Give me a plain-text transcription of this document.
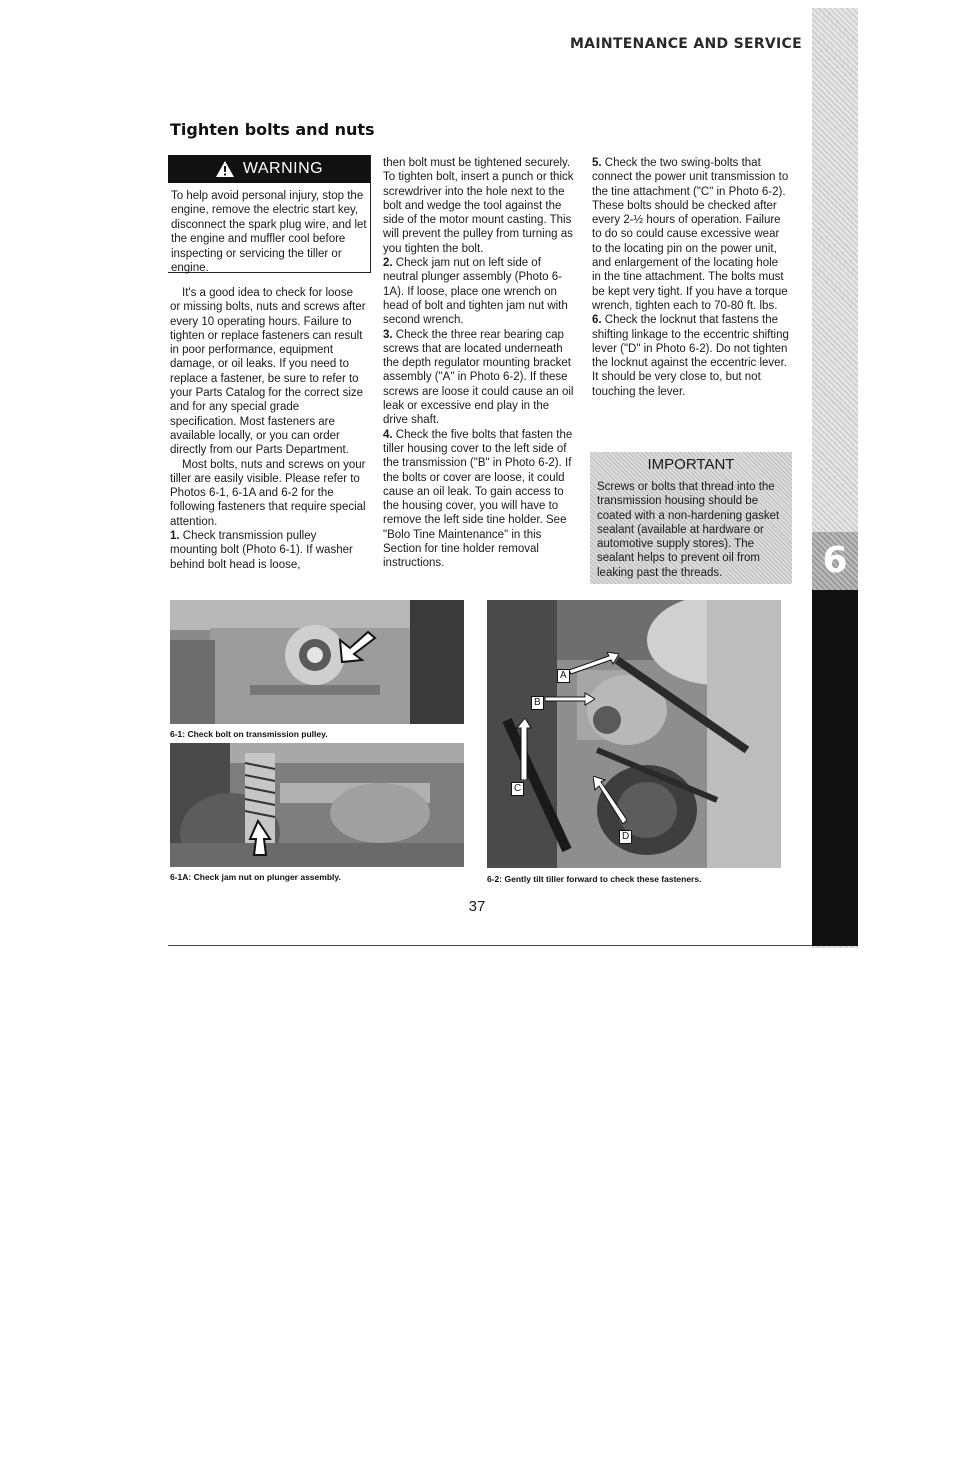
6
MAINTENANCE AND SERVICE
Tighten bolts and nuts
WARNING
To help avoid personal injury, stop the engine, remove the electric start key, disconnect the spark plug wire, and let the engine and muffler cool before inspecting or servicing the tiller or engine.

It's a good idea to check for loose or missing bolts, nuts and screws after every 10 operating hours. Failure to tighten or replace fasteners can result in poor performance, equipment damage, or oil leaks. If you need to replace a fastener, be sure to refer to your Parts Catalog for the correct size and for any special grade specification. Most fasteners are available locally, or you can order directly from our Parts Department.

Most bolts, nuts and screws on your tiller are easily visible. Please refer to Photos 6-1, 6-1A and 6-2 for the following fasteners that require special attention.

1. Check transmission pulley mounting bolt (Photo 6-1). If washer behind bolt head is loose,

then bolt must be tightened securely. To tighten bolt, insert a punch or thick screwdriver into the hole next to the bolt and wedge the tool against the side of the motor mount casting. This will prevent the pulley from turning as you tighten the bolt.

2. Check jam nut on left side of neutral plunger assembly (Photo 6-1A). If loose, place one wrench on head of bolt and tighten jam nut with second wrench.

3. Check the three rear bearing cap screws that are located underneath the depth regulator mounting bracket assembly ("A" in Photo 6-2). If these screws are loose it could cause an oil leak or excessive end play in the drive shaft.

4. Check the five bolts that fasten the tiller housing cover to the left side of the transmission ("B" in Photo 6-2). If the bolts or cover are loose, it could cause an oil leak. To gain access to the housing cover, you will have to remove the left side tine holder. See "Bolo Tine Maintenance" in this Section for tine holder removal instructions.

5. Check the two swing-bolts that connect the power unit transmission to the tine attachment ("C" in Photo 6-2). These bolts should be checked after every 2-½ hours of operation. Failure to do so could cause excessive wear to the locating pin on the power unit, and enlargement of the locating hole in the tine attachment. The bolts must be kept very tight. If you have a torque wrench, tighten each to 70-80 ft. lbs.

6. Check the locknut that fastens the shifting linkage to the eccentric shifting lever ("D" in Photo 6-2). Do not tighten the locknut against the eccentric lever. It should be very close to, but not touching the lever.

IMPORTANT
Screws or bolts that thread into the transmission housing should be coated with a non-hardening gasket sealant (available at hardware or automotive supply stores). The sealant helps to prevent oil from leaking past the threads.
6-1: Check bolt on transmission pulley.
6-1A: Check jam nut on plunger assembly.
A
B
C
D
6-2: Gently tilt tiller forward to check these fasteners.
37
